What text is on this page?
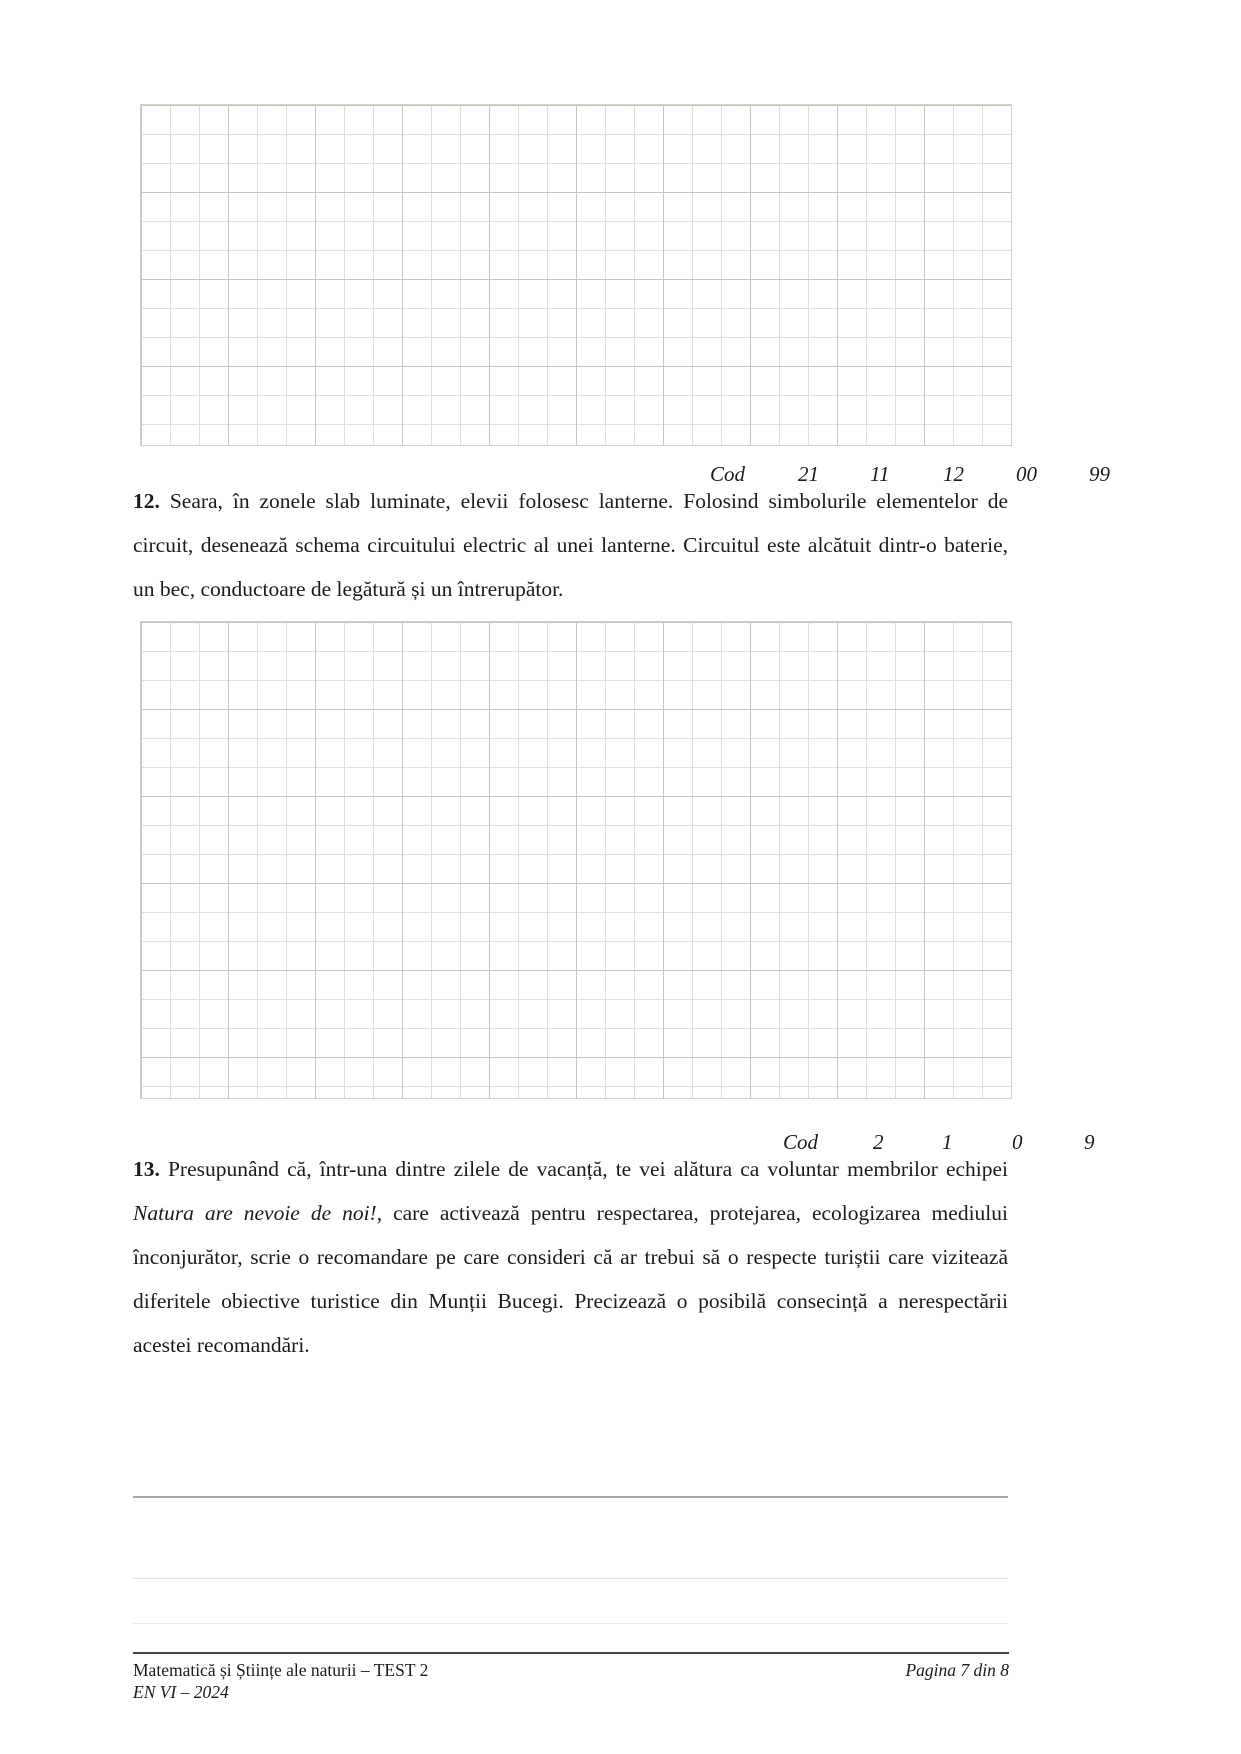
Cod	21 11	12 00 99
12. Seara, în zonele slab luminate, elevii folosesc lanterne. Folosind simbolurile elementelor de
circuit, desenează schema circuitului electric al unei lanterne. Circuitul este alcătuit dintr-o baterie,
un bec, conductoare de legătură și un întrerupător.
Cod	2	1	0	9
13. Presupunând că, într-una dintre zilele de vacanță, te vei alătura ca voluntar membrilor echipei
Natura are nevoie de noi!, care activează pentru respectarea, protejarea, ecologizarea mediului
înconjurător, scrie o recomandare pe care consideri că ar trebui să o respecte turiștii care vizitează
diferitele obiective turistice din Munții Bucegi. Precizează o posibilă consecință a nerespectării
acestei recomandări.
Matematică și Științe ale naturii – TEST 2
EN VI – 2024
Pagina 7 din 8
